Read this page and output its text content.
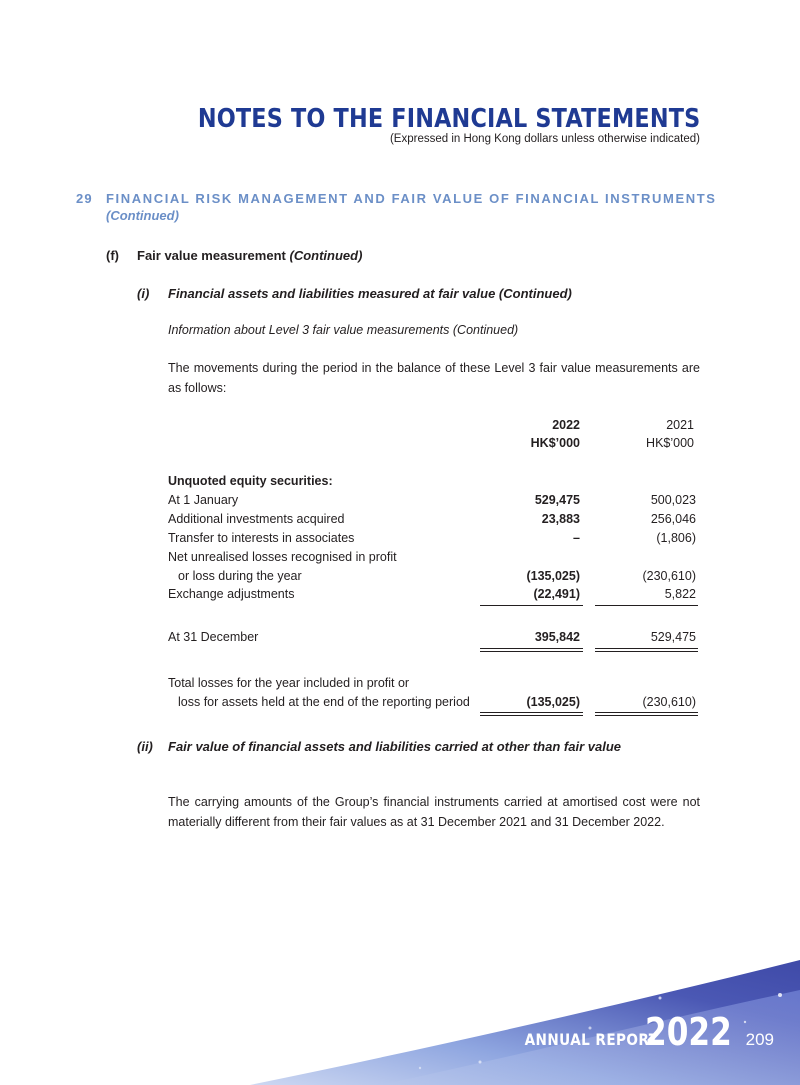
NOTES TO THE FINANCIAL STATEMENTS
(Expressed in Hong Kong dollars unless otherwise indicated)
29 FINANCIAL RISK MANAGEMENT AND FAIR VALUE OF FINANCIAL INSTRUMENTS
(Continued)
(f) Fair value measurement (Continued)
(i) Financial assets and liabilities measured at fair value (Continued)
Information about Level 3 fair value measurements (Continued)
The movements during the period in the balance of these Level 3 fair value measurements are as follows:
2022	2021
HK$’000	HK$’000
Unquoted equity securities:
At 1 January	529,475	500,023
Additional investments acquired	23,883	256,046
Transfer to interests in associates	–	(1,806)
Net unrealised losses recognised in profit
or loss during the year	(135,025)	(230,610)
Exchange adjustments	(22,491)	5,822
At 31 December	395,842	529,475
Total losses for the year included in profit or
loss for assets held at the end of the reporting period	(135,025)	(230,610)
(ii) Fair value of financial assets and liabilities carried at other than fair value
The carrying amounts of the Group’s financial instruments carried at amortised cost were not materially different from their fair values as at 31 December 2021 and 31 December 2022.
ANNUAL REPORT
2022 209
